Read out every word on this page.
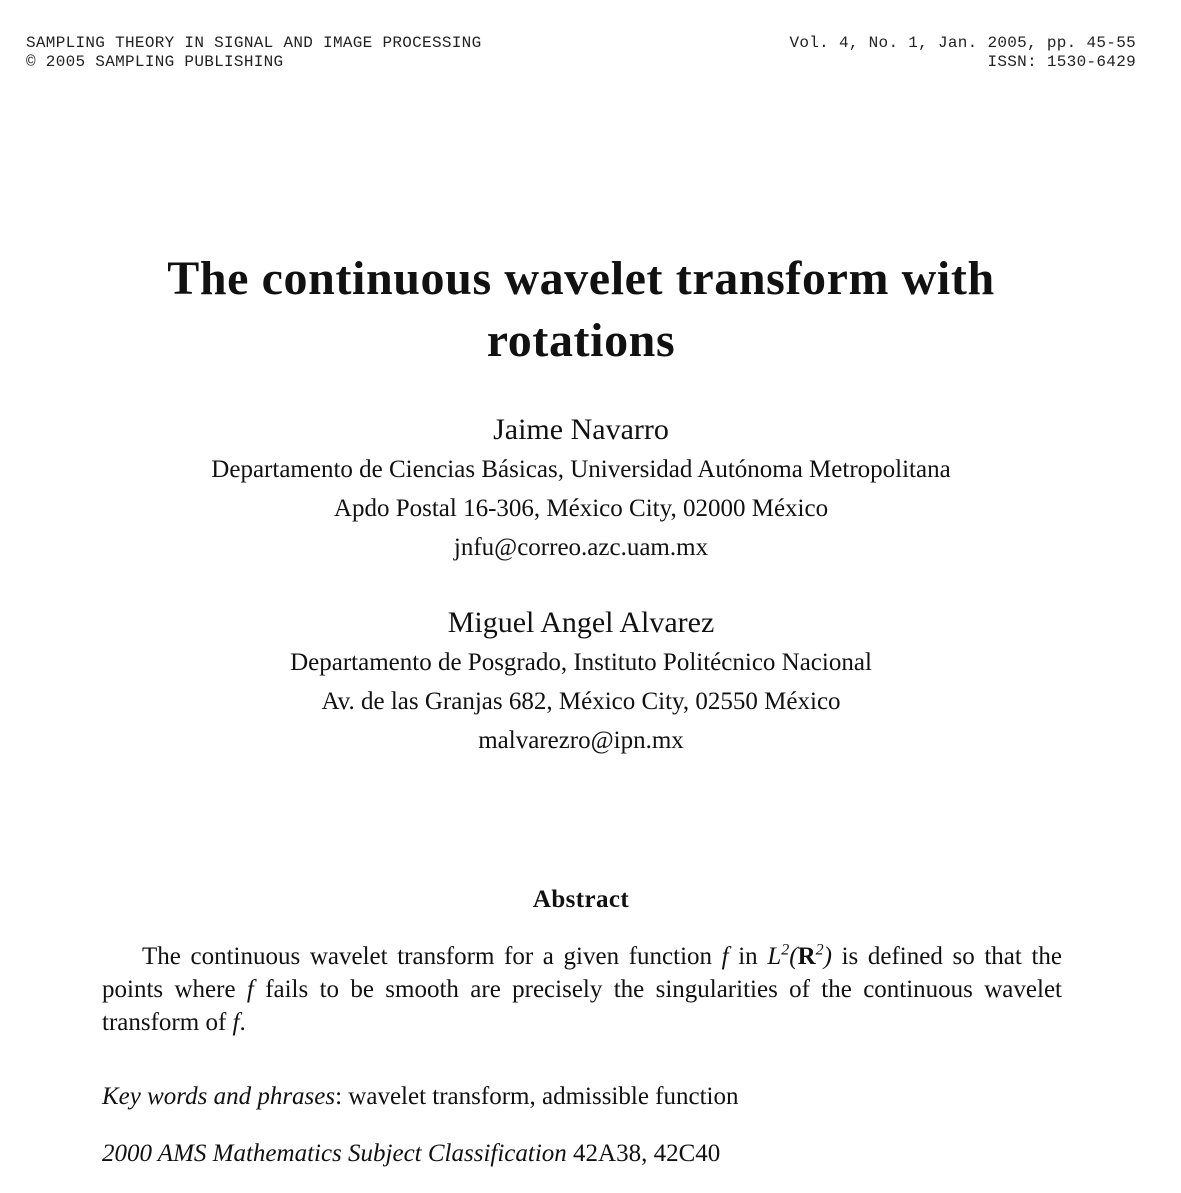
SAMPLING THEORY IN SIGNAL AND IMAGE PROCESSING
© 2005 SAMPLING PUBLISHING
Vol. 4, No. 1, Jan. 2005, pp. 45-55
ISSN: 1530-6429
The continuous wavelet transform with
rotations
Jaime Navarro
Departamento de Ciencias Básicas, Universidad Autónoma Metropolitana
Apdo Postal 16-306, México City, 02000 México
jnfu@correo.azc.uam.mx
Miguel Angel Alvarez
Departamento de Posgrado, Instituto Politécnico Nacional
Av. de las Granjas 682, México City, 02550 México
malvarezro@ipn.mx
Abstract
The continuous wavelet transform for a given function f in $L^2(R^2)$ is defined so that the points where f fails to be smooth are precisely the singularities of the continuous wavelet transform of f.
Key words and phrases: wavelet transform, admissible function
2000 AMS Mathematics Subject Classification 42A38, 42C40
